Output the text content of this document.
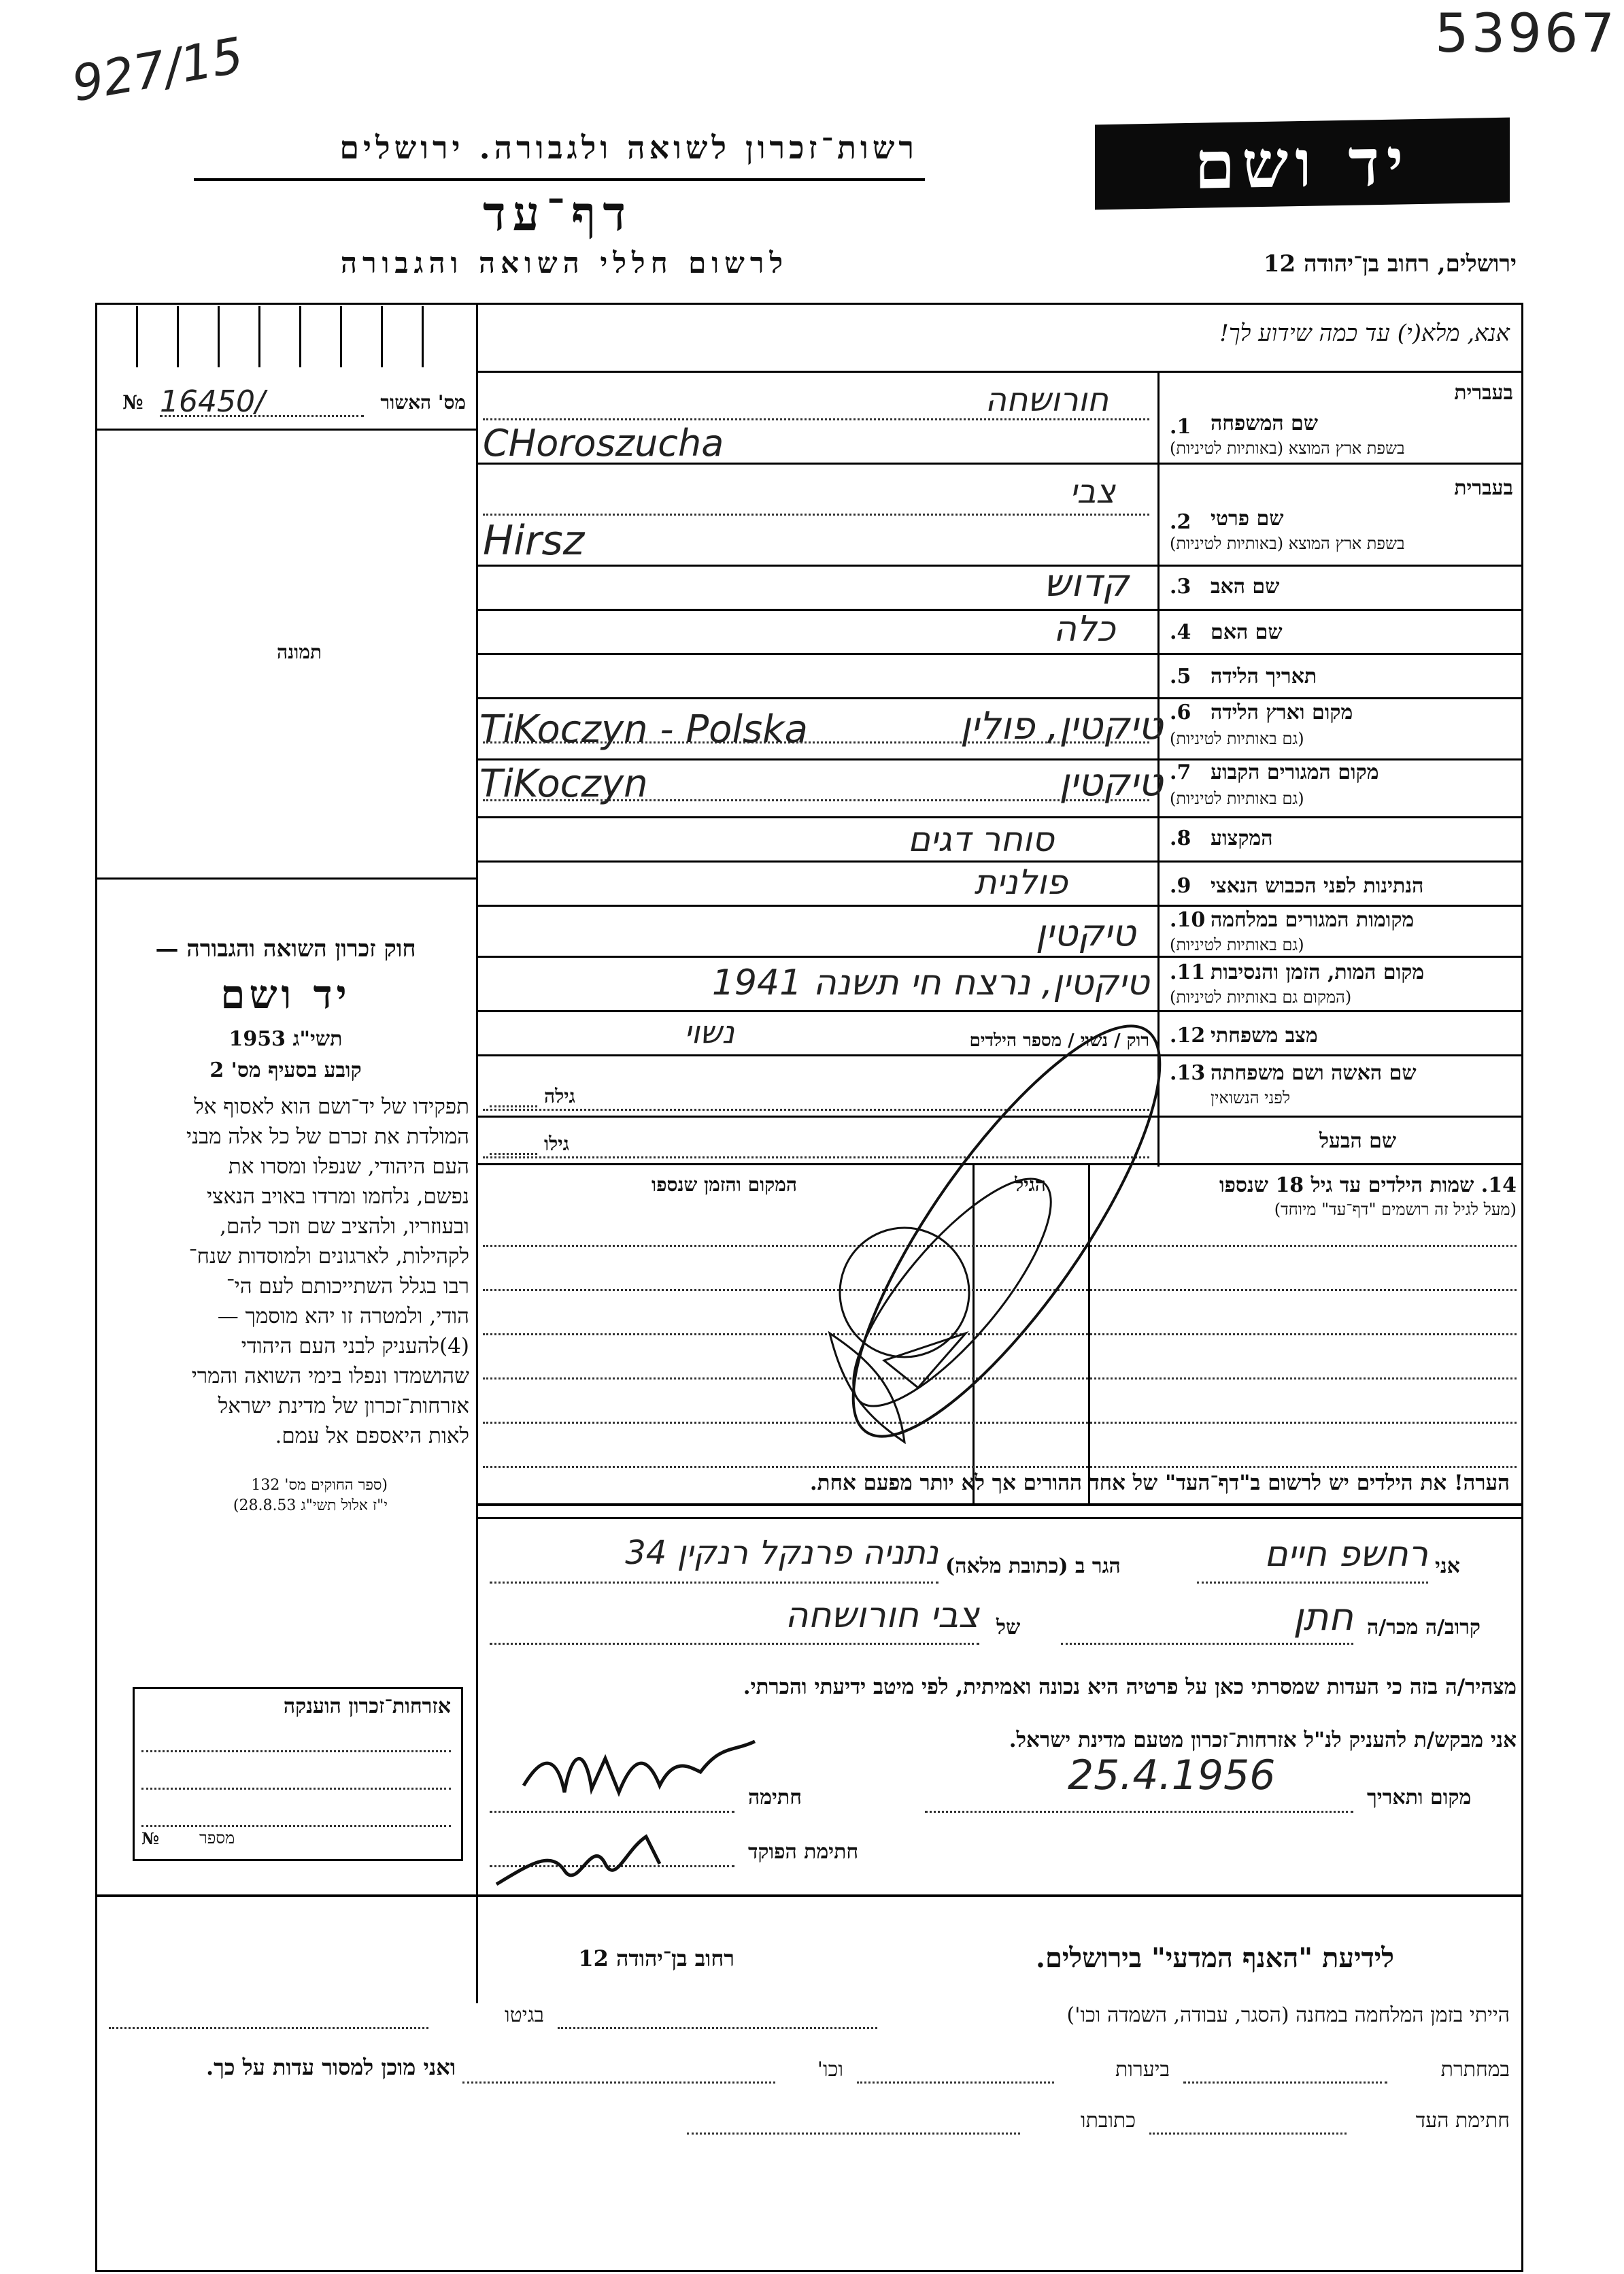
927/15	53967
רשות־זכרון לשואה ולגבורה. ירושלים
דף־עד
לרשום חללי השואה והגבורה
יד ושם
ירושלים, רחוב בן־יהודה 12
אנא, מלא(י) עד כמה שידוע לך!
№ 16450/	מס' האשור
תמונה
חוק זכרון השואה והגבורה —
יד ושם
תשי"ג 1953
קובע בסעיף מס' 2
תפקידו של יד־ושם הוא לאסוף אל
המולדת את זכרם של כל אלה מבני
העם היהודי, שנפלו ומסרו את
נפשם, נלחמו ומרדו באויב הנאצי
ובעוזריו, ולהציב שם וזכר להם,
לקהילות, לארגונים ולמוסדות שנח־
רבו בגלל השתייכותם לעם הי־
הודי, ולמטרה זו יהא מוסמך —
(4)להעניק לבני העם היהודי
שהושמדו ונפלו בימי השואה והמרי
אזרחות־זכרון של מדינת ישראל
לאות היאספם אל עמם.
(ספר החוקים מס' 132
י"ז אלול תשי"ג 28.8.53)
אזרחות־זכרון הוענקה
№ מספר
בעברית
1. שם המשפחה
בשפת ארץ המוצא (באותיות לטיניות)
חורושחה
CHoroszucha
בעברית
2. שם פרטי
בשפת ארץ המוצא (באותיות לטיניות)
צבי
Hirsz
שם האב
3.
קדוש
שם האם
4.
כלה
תאריך הלידה
5.
מקום וארץ הלידה
6.
(גם באותיות לטיניות)
TiKoczyn - Polska	טיקטין, פולין
מקום המגורים הקבוע
7.
(גם באותיות לטיניות)
TiKoczyn	טיקטין
המקצוע
8.
סוחר דגים
הנתינות לפני הכבוש הנאצי
9.
פולנית
מקומות המגורים במלחמה
10.
(גם באותיות לטיניות)
טיקטין
מקום המות, הזמן והנסיבות
11.
(המקום גם באותיות לטיניות)
טיקטין, נרצח חי תשנה 1941
מצב משפחתי
12.
רוק / נשוי / מספר הילדים
נשוי
שם האשה ושם משפחתה
13.
לפני הנשואין
גילה
שם הבעל
גילו
14. שמות הילדים עד גיל 18 שנספו
(מעל לגיל זה רושמים "דף־עד" מיוחד)
הגיל
המקום והזמן שנספו
הערה! את הילדים יש לרשום ב"דף־העד" של אחד ההורים אך לא יותר מפעם אחת.
אני
רחשפ חיים
הגר ב (כתובת מלאה)
נתניה פרנקל רנקין 34
קרוב/ה מכר/ה
חתן
של
צבי חורושחה
מצהיר/ה בזה כי העדות שמסרתי כאן על פרטיה היא נכונה ואמיתית, לפי מיטב ידיעתי והכרתי.
אני מבקש/ת להעניק לנ"ל אזרחות־זכרון מטעם מדינת ישראל.
מקום ותאריך
25.4.1956
חתימה
חתימת הפוקד
לידיעת "האנף המדעי" בירושלים.
רחוב בן־יהודה 12
הייתי בזמן המלחמה במחנה (הסגר, עבודה, השמדה וכו')
בגיטו
במחתרת
ביערות
וכו'
ואני מוכן למסור עדות על כך.
חתימת העד
כתובתו
